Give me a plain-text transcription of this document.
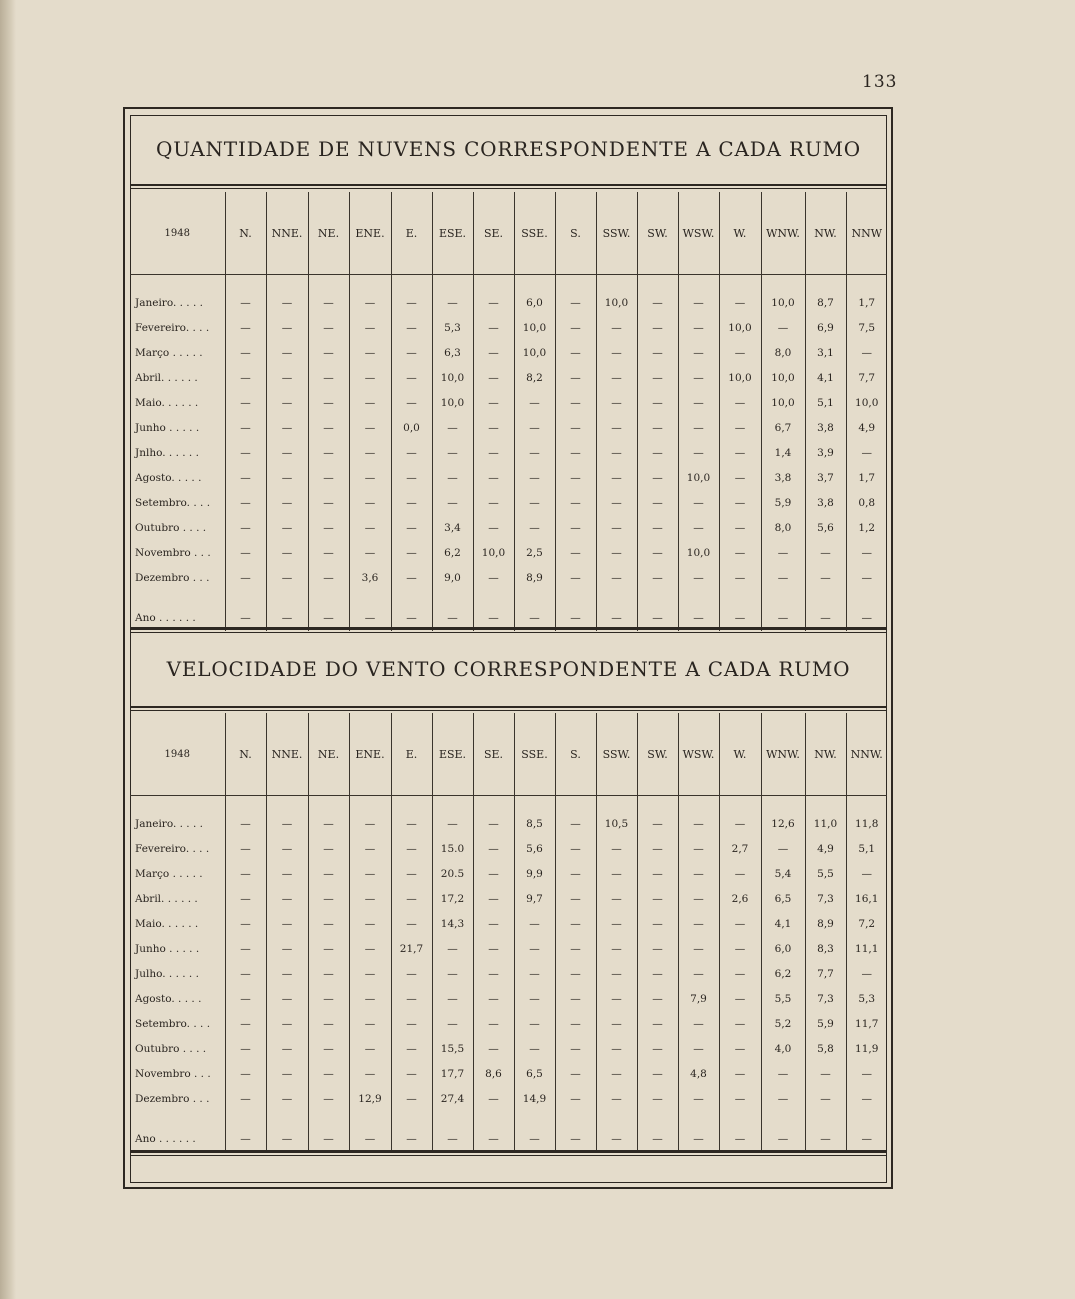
133
QUANTIDADE DE NUVENS CORRESPONDENTE A CADA RUMO
1948	N.	NNE.	NE.	ENE.	E.	ESE.	SE.	SSE.	S.	SSW.	SW.	WSW.	W.	WNW.	NW.	NNW

Janeiro. . . . .	—	—	—	—	—	—	—	6,0	—	10,0	—	—	—	10,0	8,7	1,7
Fevereiro. . . .	—	—	—	—	—	5,3	—	10,0	—	—	—	—	10,0	—	6,9	7,5
Março . . . . .	—	—	—	—	—	6,3	—	10,0	—	—	—	—	—	8,0	3,1	—
Abril. . . . . .	—	—	—	—	—	10,0	—	8,2	—	—	—	—	10,0	10,0	4,1	7,7
Maio. . . . . .	—	—	—	—	—	10,0	—	—	—	—	—	—	—	10,0	5,1	10,0
Junho . . . . .	—	—	—	—	0,0	—	—	—	—	—	—	—	—	6,7	3,8	4,9
Jnlho. . . . . .	—	—	—	—	—	—	—	—	—	—	—	—	—	1,4	3,9	—
Agosto. . . . .	—	—	—	—	—	—	—	—	—	—	—	10,0	—	3,8	3,7	1,7
Setembro. . . .	—	—	—	—	—	—	—	—	—	—	—	—	—	5,9	3,8	0,8
Outubro . . . .	—	—	—	—	—	3,4	—	—	—	—	—	—	—	8,0	5,6	1,2
Novembro . . .	—	—	—	—	—	6,2	10,0	2,5	—	—	—	10,0	—	—	—	—
Dezembro . . .	—	—	—	3,6	—	9,0	—	8,9	—	—	—	—	—	—	—	—

Ano . . . . . .	—	—	—	—	—	—	—	—	—	—	—	—	—	—	—	—
VELOCIDADE DO VENTO CORRESPONDENTE A CADA RUMO
1948	N.	NNE.	NE.	ENE.	E.	ESE.	SE.	SSE.	S.	SSW.	SW.	WSW.	W.	WNW.	NW.	NNW.

Janeiro. . . . .	—	—	—	—	—	—	—	8,5	—	10,5	—	—	—	12,6	11,0	11,8
Fevereiro. . . .	—	—	—	—	—	15.0	—	5,6	—	—	—	—	2,7	—	4,9	5,1
Março . . . . .	—	—	—	—	—	20.5	—	9,9	—	—	—	—	—	5,4	5,5	—
Abril. . . . . .	—	—	—	—	—	17,2	—	9,7	—	—	—	—	2,6	6,5	7,3	16,1
Maio. . . . . .	—	—	—	—	—	14,3	—	—	—	—	—	—	—	4,1	8,9	7,2
Junho . . . . .	—	—	—	—	21,7	—	—	—	—	—	—	—	—	6,0	8,3	11,1
Julho. . . . . .	—	—	—	—	—	—	—	—	—	—	—	—	—	6,2	7,7	—
Agosto. . . . .	—	—	—	—	—	—	—	—	—	—	—	7,9	—	5,5	7,3	5,3
Setembro. . . .	—	—	—	—	—	—	—	—	—	—	—	—	—	5,2	5,9	11,7
Outubro . . . .	—	—	—	—	—	15,5	—	—	—	—	—	—	—	4,0	5,8	11,9
Novembro . . .	—	—	—	—	—	17,7	8,6	6,5	—	—	—	4,8	—	—	—	—
Dezembro . . .	—	—	—	12,9	—	27,4	—	14,9	—	—	—	—	—	—	—	—

Ano . . . . . .	—	—	—	—	—	—	—	—	—	—	—	—	—	—	—	—
